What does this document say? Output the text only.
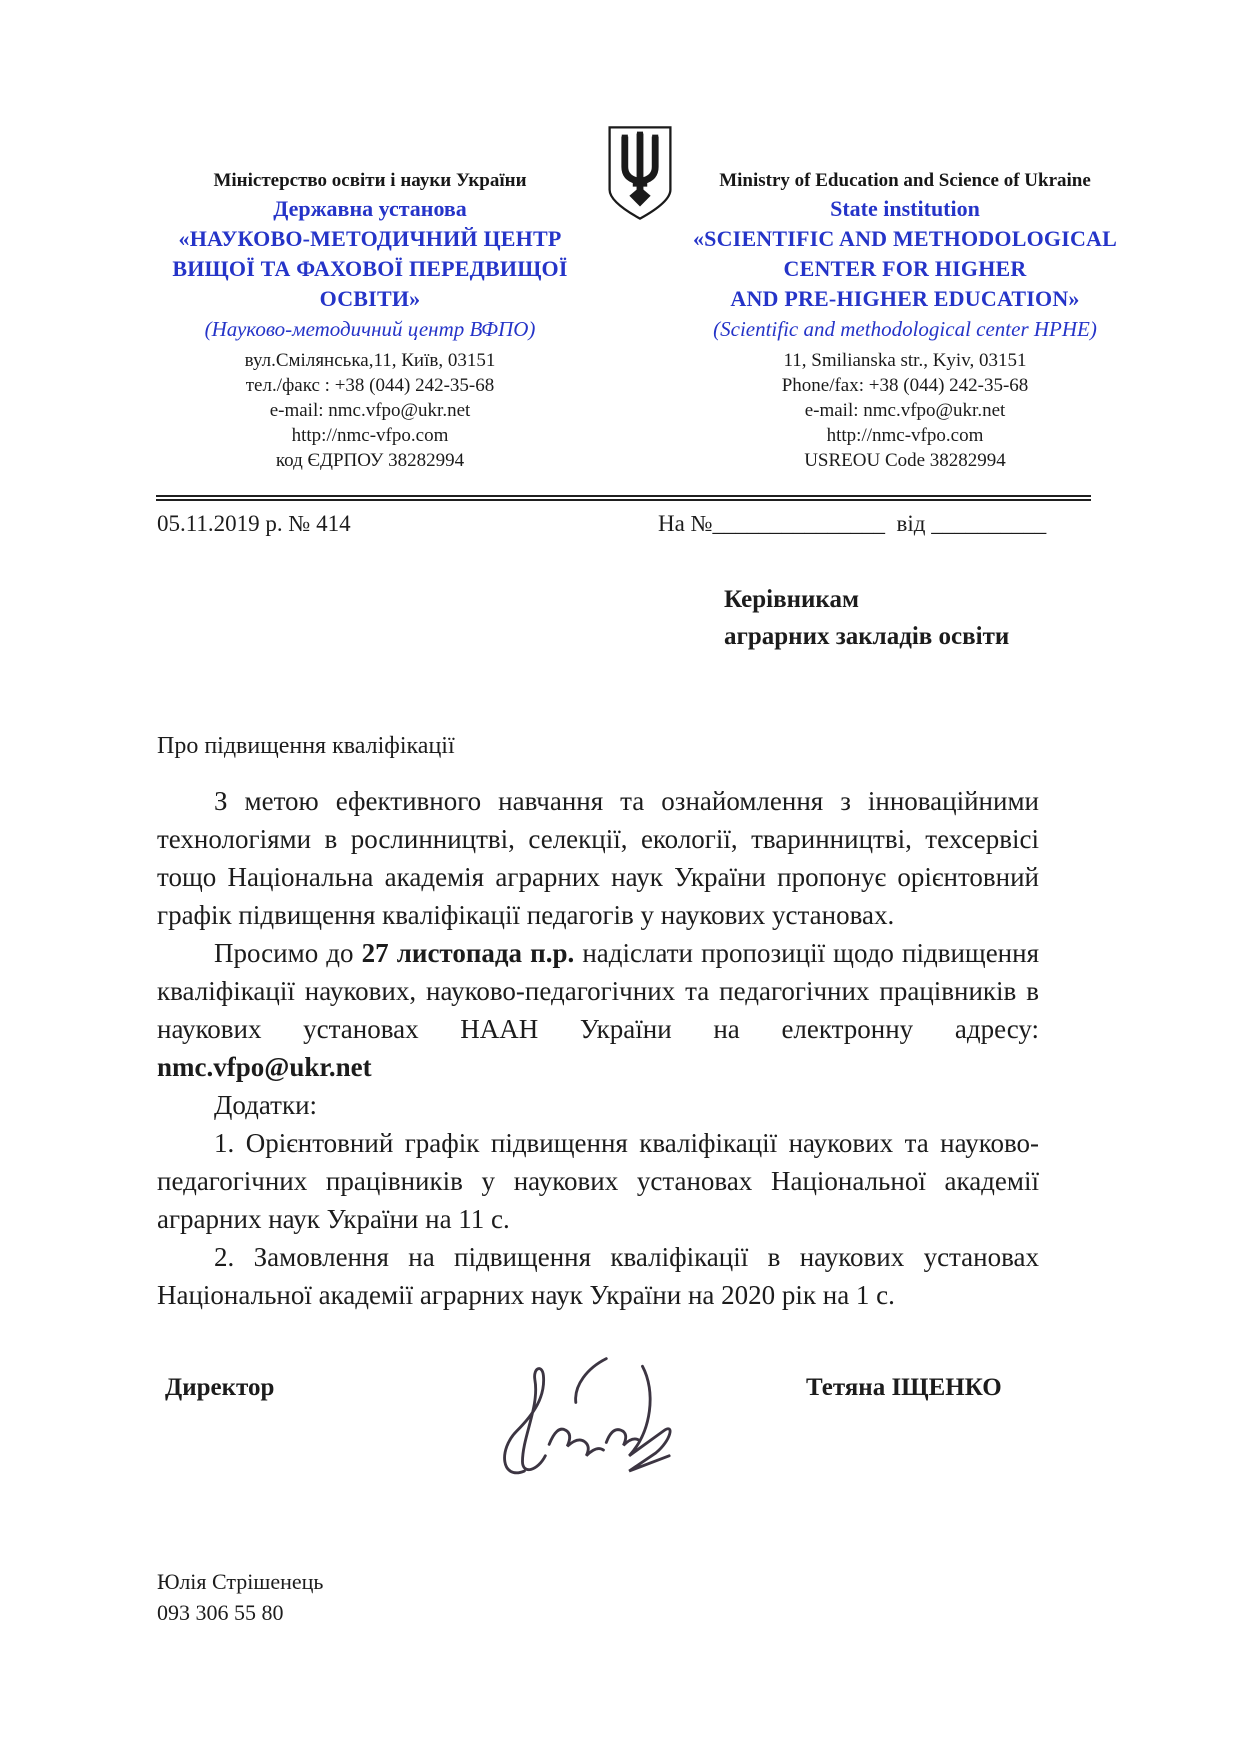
Міністерство освіти і науки України
Державна установа
«НАУКОВО-МЕТОДИЧНИЙ ЦЕНТР
ВИЩОЇ ТА ФАХОВОЇ ПЕРЕДВИЩОЇ
ОСВІТИ»
(Науково-методичний центр ВФПО)
вул.Смілянська,11, Київ, 03151
тел./факс : +38 (044) 242-35-68
e-mail: nmc.vfpo@ukr.net
http://nmc-vfpo.com
код ЄДРПОУ 38282994
Ministry of Education and Science of Ukraine
State institution
«SCIENTIFIC AND METHODOLOGICAL
CENTER FOR HIGHER
AND PRE-HIGHER EDUCATION»
(Scientific and methodological center HPHE)
11, Smilianska str., Kyiv, 03151
Phone/fax: +38 (044) 242-35-68
e-mail: nmc.vfpo@ukr.net
http://nmc-vfpo.com
USREOU Code 38282994
05.11.2019 р. № 414	На №_______________  від __________
Керівникам
аграрних закладів освіти
Про підвищення кваліфікації

З метою ефективного навчання та ознайомлення з інноваційними технологіями в рослинництві, селекції, екології, тваринництві, техсервісі тощо Національна академія аграрних наук України пропонує орієнтовний графік підвищення кваліфікації педагогів у наукових установах.

Просимо до 27 листопада п.р. надіслати пропозиції щодо підвищення кваліфікації наукових, науково-педагогічних та педагогічних працівників в наукових установах НААН України на електронну адресу:

nmc.vfpo@ukr.net

Додатки:

1. Орієнтовний графік підвищення кваліфікації наукових та науково-педагогічних працівників у наукових установах Національної академії аграрних наук України на 11 с.

2. Замовлення на підвищення кваліфікації в наукових установах Національної академії аграрних наук України на 2020 рік на 1 с.

Директор	Тетяна ІЩЕНКО
Юлія Стрішенець
093 306 55 80
